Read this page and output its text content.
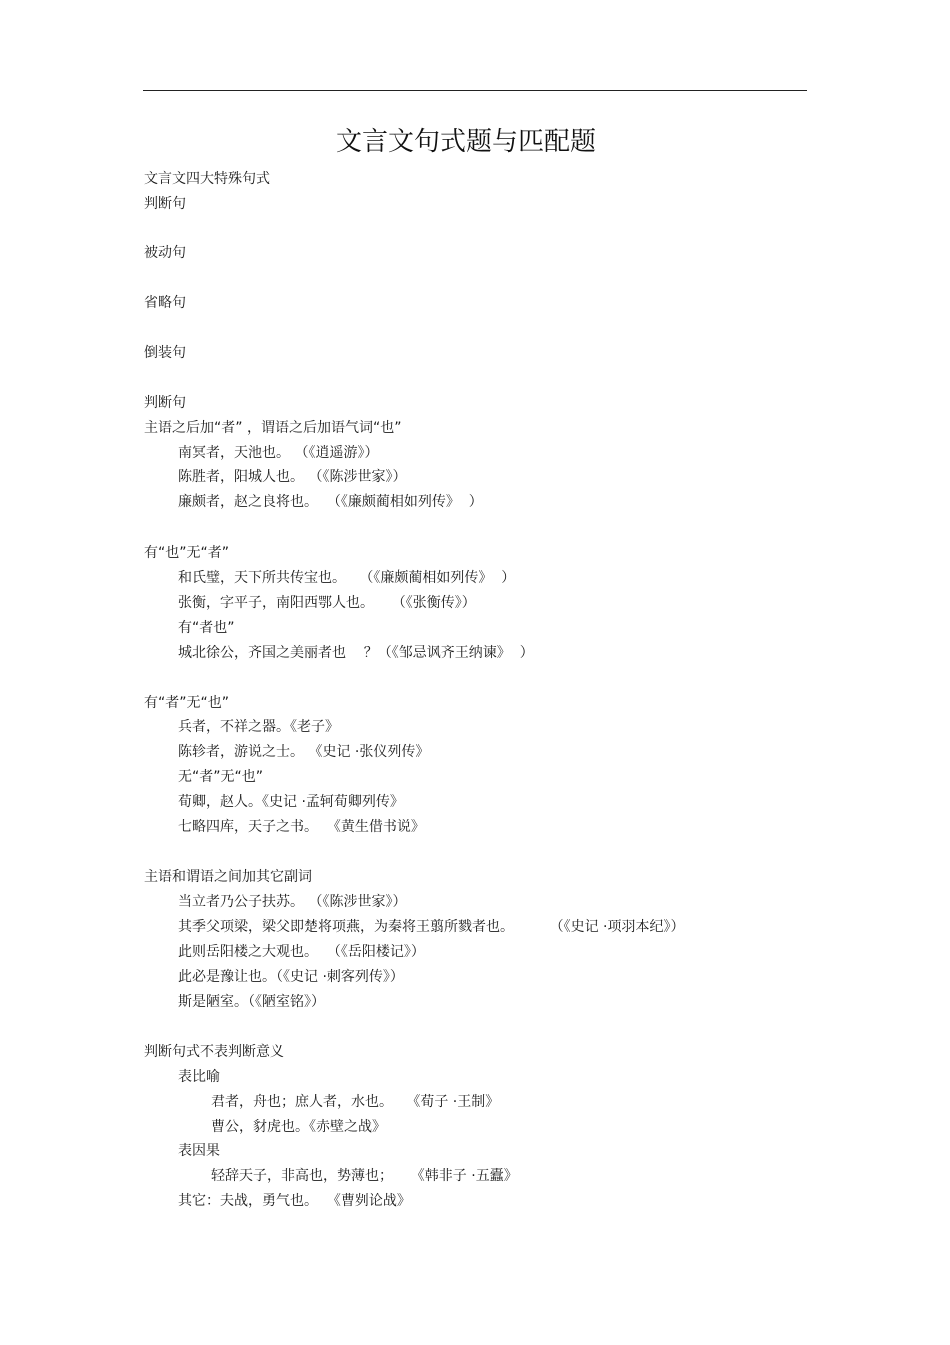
文言文句式题与匹配题
文言文四大特殊句式
判断句
被动句
省略句
倒装句
判断句
主语之后加“者” ，谓语之后加语气词“也”
南冥者，天池也。 （《逍遥游》）
陈胜者，阳城人也。 （《陈涉世家》）
廉颇者，赵之良将也。  （《廉颇蔺相如列传》  ）
有“也”无“者”
和氏璧，天下所共传宝也。   （《廉颇蔺相如列传》  ）
张衡，字平子，南阳西鄂人也。    （《张衡传》）
有“者也”
城北徐公，齐国之美丽者也    ？（《邹忌讽齐王纳谏》  ）
有“者”无“也”
兵者，不祥之器。《老子》
陈轸者，游说之士。 《史记 ·张仪列传》
无“者”无“也”
荀卿，赵人。《史记 ·孟轲荀卿列传》
七略四库，天子之书。  《黄生借书说》
主语和谓语之间加其它副词
当立者乃公子扶苏。 （《陈涉世家》）
其季父项梁，梁父即楚将项燕，为秦将王翦所戮者也。        （《史记 ·项羽本纪》）
此则岳阳楼之大观也。  （《岳阳楼记》）
此必是豫让也。（《史记 ·刺客列传》）
斯是陋室。（《陋室铭》）
判断句式不表判断意义
表比喻
君者，舟也；庶人者，水也。   《荀子 ·王制》
曹公，豺虎也。《赤壁之战》
表因果
轻辞天子，非高也，势薄也；    《韩非子 ·五蠹》
其它：夫战，勇气也。  《曹刿论战》
